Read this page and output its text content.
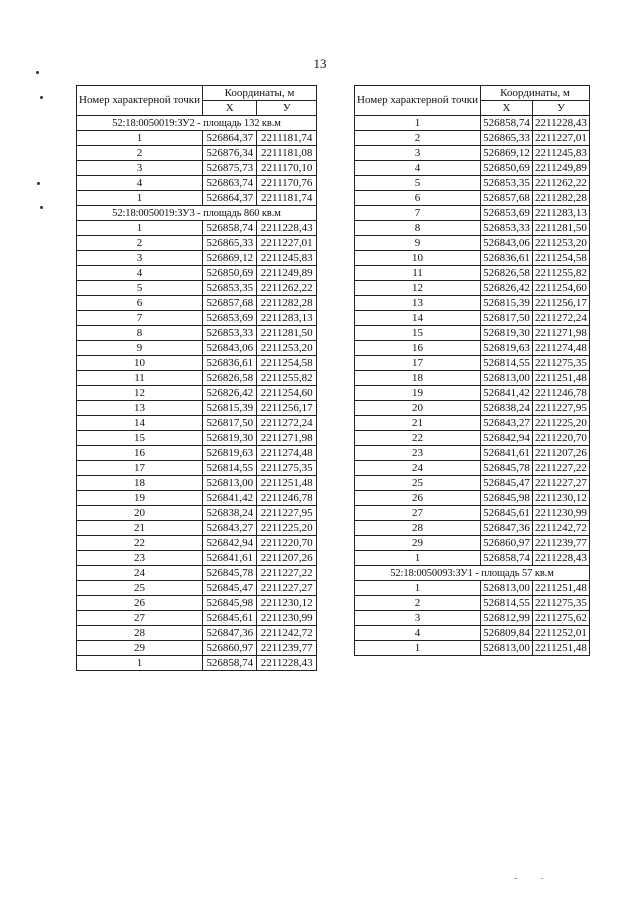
13
Номер характерной точки	Координаты, м	
	Х	У
52:18:0050019:ЗУ2 - площадь 132 кв.м		
1	526864,37	2211181,74
2	526876,34	2211181,08
3	526875,73	2211170,10
4	526863,74	2211170,76
1	526864,37	2211181,74
52:18:0050019:ЗУ3 - площадь 860 кв.м		
1	526858,74	2211228,43
2	526865,33	2211227,01
3	526869,12	2211245,83
4	526850,69	2211249,89
5	526853,35	2211262,22
6	526857,68	2211282,28
7	526853,69	2211283,13
8	526853,33	2211281,50
9	526843,06	2211253,20
10	526836,61	2211254,58
11	526826,58	2211255,82
12	526826,42	2211254,60
13	526815,39	2211256,17
14	526817,50	2211272,24
15	526819,30	2211271,98
16	526819,63	2211274,48
17	526814,55	2211275,35
18	526813,00	2211251,48
19	526841,42	2211246,78
20	526838,24	2211227,95
21	526843,27	2211225,20
22	526842,94	2211220,70
23	526841,61	2211207,26
24	526845,78	2211227,22
25	526845,47	2211227,27
26	526845,98	2211230,12
27	526845,61	2211230,99
28	526847,36	2211242,72
29	526860,97	2211239,77
1	526858,74	2211228,43
Номер характерной точки	Координаты, м	
	Х	У
1	526858,74	2211228,43
2	526865,33	2211227,01
3	526869,12	2211245,83
4	526850,69	2211249,89
5	526853,35	2211262,22
6	526857,68	2211282,28
7	526853,69	2211283,13
8	526853,33	2211281,50
9	526843,06	2211253,20
10	526836,61	2211254,58
11	526826,58	2211255,82
12	526826,42	2211254,60
13	526815,39	2211256,17
14	526817,50	2211272,24
15	526819,30	2211271,98
16	526819,63	2211274,48
17	526814,55	2211275,35
18	526813,00	2211251,48
19	526841,42	2211246,78
20	526838,24	2211227,95
21	526843,27	2211225,20
22	526842,94	2211220,70
23	526841,61	2211207,26
24	526845,78	2211227,22
25	526845,47	2211227,27
26	526845,98	2211230,12
27	526845,61	2211230,99
28	526847,36	2211242,72
29	526860,97	2211239,77
1	526858,74	2211228,43
52:18:0050093:ЗУ1 - площадь 57 кв.м		
1	526813,00	2211251,48
2	526814,55	2211275,35
3	526812,99	2211275,62
4	526809,84	2211252,01
1	526813,00	2211251,48
